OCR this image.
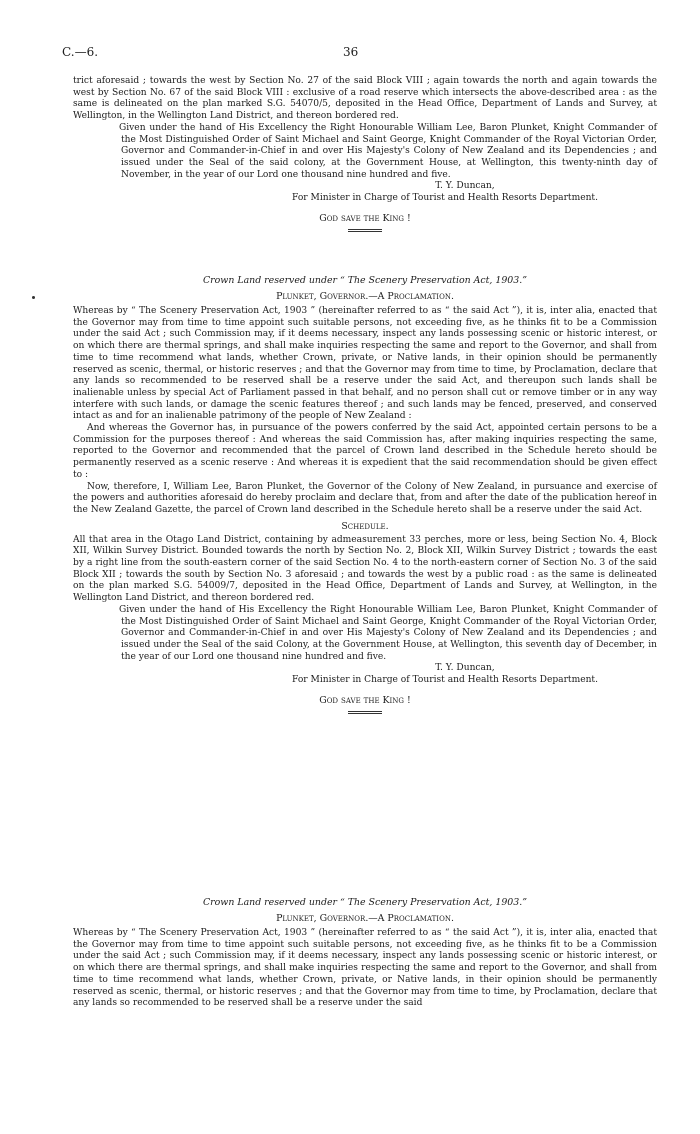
C.—6.	36

trict aforesaid ; towards the west by Section No. 27 of the said Block VIII ; again towards the north and again towards the west by Section No. 67 of the said Block VIII : exclusive of a road reserve which intersects the above-described area : as the same is delineated on the plan marked S.G. 54070/5, deposited in the Head Office, Department of Lands and Survey, at Wellington, in the Wellington Land District, and thereon bordered red.

Given under the hand of His Excellency the Right Honourable William Lee, Baron Plunket, Knight Commander of the Most Distinguished Order of Saint Michael and Saint George, Knight Commander of the Royal Victorian Order, Governor and Commander-in-Chief in and over His Majesty's Colony of New Zealand and its Dependencies ; and issued under the Seal of the said colony, at the Government House, at Wellington, this twenty-ninth day of November, in the year of our Lord one thousand nine hundred and five.

T. Y. Duncan,

For Minister in Charge of Tourist and Health Resorts Department.

God save the King !

Crown Land reserved under “ The Scenery Preservation Act, 1903.”

Plunket, Governor.—A Proclamation.

Whereas by “ The Scenery Preservation Act, 1903 ” (hereinafter referred to as “ the said Act ”), it is, inter alia, enacted that the Governor may from time to time appoint such suitable persons, not exceeding five, as he thinks fit to be a Commission under the said Act ; such Commission may, if it deems necessary, inspect any lands possessing scenic or historic interest, or on which there are thermal springs, and shall make inquiries respecting the same and report to the Governor, and shall from time to time recommend what lands, whether Crown, private, or Native lands, in their opinion should be permanently reserved as scenic, thermal, or historic reserves ; and that the Governor may from time to time, by Proclamation, declare that any lands so recommended to be reserved shall be a reserve under the said Act, and thereupon such lands shall be inalienable unless by special Act of Parliament passed in that behalf, and no person shall cut or remove timber or in any way interfere with such lands, or damage the scenic features thereof ; and such lands may be fenced, preserved, and conserved intact as and for an inalienable patrimony of the people of New Zealand :

And whereas the Governor has, in pursuance of the powers conferred by the said Act, appointed certain persons to be a Commission for the purposes thereof : And whereas the said Commission has, after making inquiries respecting the same, reported to the Governor and recommended that the parcel of Crown land described in the Schedule hereto should be permanently reserved as a scenic reserve : And whereas it is expedient that the said recommendation should be given effect to :

Now, therefore, I, William Lee, Baron Plunket, the Governor of the Colony of New Zealand, in pursuance and exercise of the powers and authorities aforesaid do hereby proclaim and declare that, from and after the date of the publication hereof in the New Zealand Gazette, the parcel of Crown land described in the Schedule hereto shall be a reserve under the said Act.

Schedule.

All that area in the Otago Land District, containing by admeasurement 33 perches, more or less, being Section No. 4, Block XII, Wilkin Survey District. Bounded towards the north by Section No. 2, Block XII, Wilkin Survey District ; towards the east by a right line from the south-eastern corner of the said Section No. 4 to the north-eastern corner of Section No. 3 of the said Block XII ; towards the south by Section No. 3 aforesaid ; and towards the west by a public road : as the same is delineated on the plan marked S.G. 54009/7, deposited in the Head Office, Department of Lands and Survey, at Wellington, in the Wellington Land District, and thereon bordered red.

Given under the hand of His Excellency the Right Honourable William Lee, Baron Plunket, Knight Commander of the Most Distinguished Order of Saint Michael and Saint George, Knight Commander of the Royal Victorian Order, Governor and Commander-in-Chief in and over His Majesty's Colony of New Zealand and its Dependencies ; and issued under the Seal of the said Colony, at the Government House, at Wellington, this seventh day of December, in the year of our Lord one thousand nine hundred and five.

T. Y. Duncan,

For Minister in Charge of Tourist and Health Resorts Department.

God save the King !

Crown Land reserved under “ The Scenery Preservation Act, 1903.”

Plunket, Governor.—A Proclamation.

Whereas by “ The Scenery Preservation Act, 1903 ” (hereinafter referred to as “ the said Act ”), it is, inter alia, enacted that the Governor may from time to time appoint such suitable persons, not exceeding five, as he thinks fit to be a Commission under the said Act ; such Commission may, if it deems necessary, inspect any lands possessing scenic or historic interest, or on which there are thermal springs, and shall make inquiries respecting the same and report to the Governor, and shall from time to time recommend what lands, whether Crown, private, or Native lands, in their opinion should be permanently reserved as scenic, thermal, or historic reserves ; and that the Governor may from time to time, by Proclamation, declare that any lands so recommended to be reserved shall be a reserve under the said
